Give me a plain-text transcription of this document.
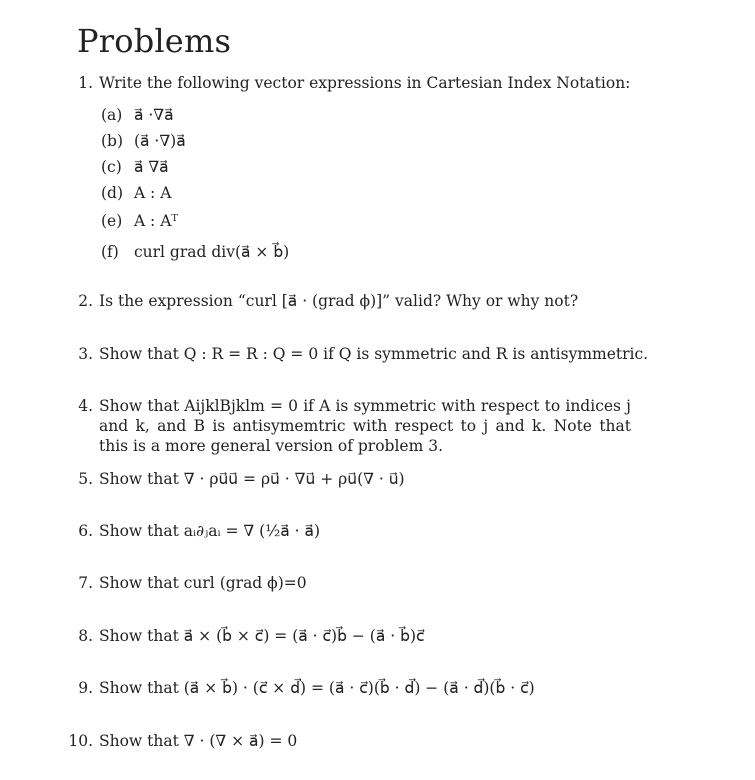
Problems
1. Write the following vector expressions in Cartesian Index Notation:
(a) a⃗ ·∇a⃗
(b) (a⃗ ·∇)a⃗
(c) a⃗ ∇a⃗
(d) A : A
(e) A : Aᵀ
(f) curl grad div(a⃗ × b⃗)
2. Is the expression “curl [a⃗ · (grad ϕ)]” valid? Why or why not?
3. Show that Q : R = R : Q = 0 if Q is symmetric and R is antisymmetric.
4. Show that AijklBjklm = 0 if A is symmetric with respect to indices j and k, and B is antisymemtric with respect to j and k. Note that this is a more general version of problem 3.
5. Show that ∇ · ρu⃗u⃗ = ρu⃗ · ∇u⃗ + ρu⃗(∇ · u⃗)
6. Show that aᵢ∂ⱼaᵢ = ∇ (½a⃗ · a⃗)
7. Show that curl (grad ϕ)=0
8. Show that a⃗ × (b⃗ × c⃗) = (a⃗ · c⃗)b⃗ − (a⃗ · b⃗)c⃗
9. Show that (a⃗ × b⃗) · (c⃗ × d⃗) = (a⃗ · c⃗)(b⃗ · d⃗) − (a⃗ · d⃗)(b⃗ · c⃗)
10. Show that ∇ · (∇ × a⃗) = 0
